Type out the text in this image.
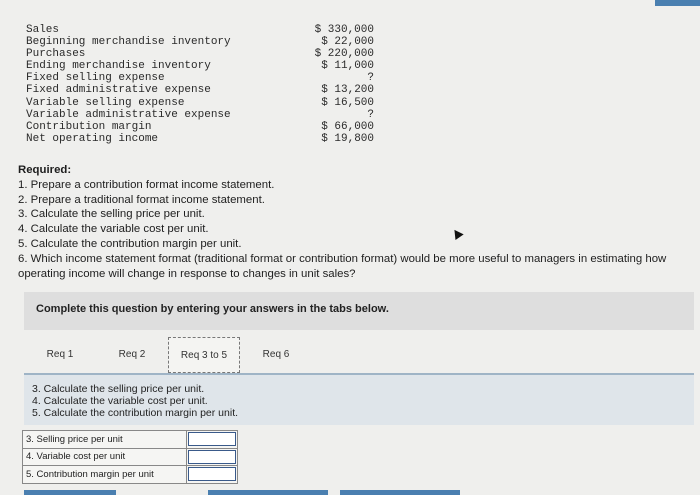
Sales	$ 330,000
Beginning merchandise inventory	$ 22,000
Purchases	$ 220,000
Ending merchandise inventory	$ 11,000
Fixed selling expense	?
Fixed administrative expense	$ 13,200
Variable selling expense	$ 16,500
Variable administrative expense	?
Contribution margin	$ 66,000
Net operating income	$ 19,800
Required:
1. Prepare a contribution format income statement.
2. Prepare a traditional format income statement.
3. Calculate the selling price per unit.
4. Calculate the variable cost per unit.
5. Calculate the contribution margin per unit.
6. Which income statement format (traditional format or contribution format) would be more useful to managers in estimating how
operating income will change in response to changes in unit sales?
Complete this question by entering your answers in the tabs below.
Req 1	Req 2	Req 3 to 5	Req 6
3. Calculate the selling price per unit.
4. Calculate the variable cost per unit.
5. Calculate the contribution margin per unit.
3. Selling price per unit	
4. Variable cost per unit	
5. Contribution margin per unit	
